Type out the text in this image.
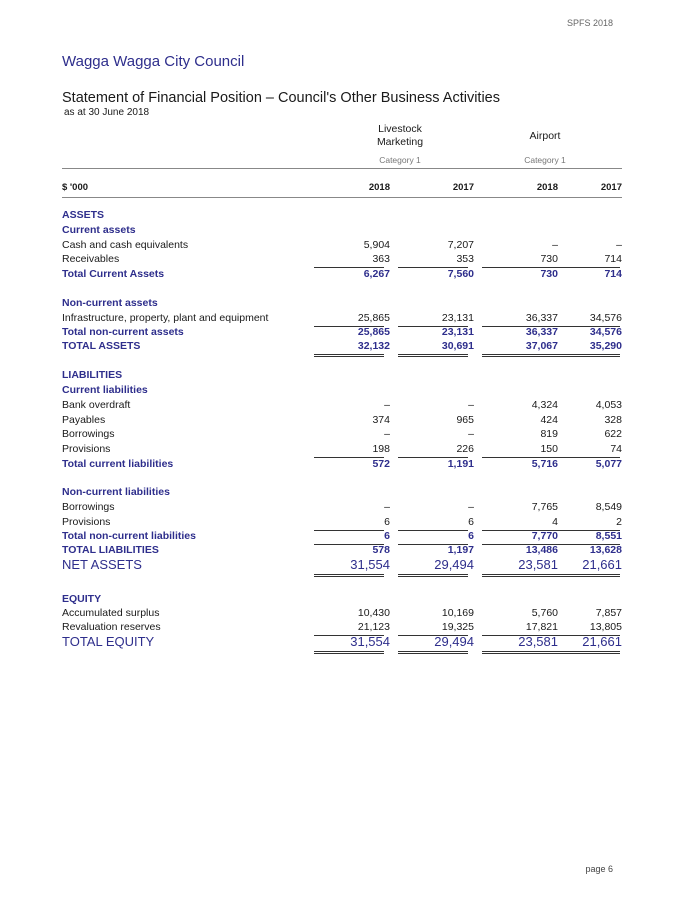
SPFS 2018
Wagga Wagga City Council
Statement of Financial Position – Council's Other Business Activities
as at 30 June 2018
Livestock Marketing	Airport
Category 1	Category 1
$ '000	2018	2017	2018	2017
ASSETS
Current assets
Cash and cash equivalents	5,904	7,207	–	–
Receivables	363	353	730	714
Total Current Assets	6,267	7,560	730	714
Non-current assets
Infrastructure, property, plant and equipment	25,865	23,131	36,337	34,576
Total non-current assets	25,865	23,131	36,337	34,576
TOTAL ASSETS	32,132	30,691	37,067	35,290
LIABILITIES
Current liabilities
Bank overdraft	–	–	4,324	4,053
Payables	374	965	424	328
Borrowings	–	–	819	622
Provisions	198	226	150	74
Total current liabilities	572	1,191	5,716	5,077
Non-current liabilities
Borrowings	–	–	7,765	8,549
Provisions	6	6	4	2
Total non-current liabilities	6	6	7,770	8,551
TOTAL LIABILITIES	578	1,197	13,486	13,628
NET ASSETS	31,554	29,494	23,581	21,661
EQUITY
Accumulated surplus	10,430	10,169	5,760	7,857
Revaluation reserves	21,123	19,325	17,821	13,805
TOTAL EQUITY	31,554	29,494	23,581	21,661
page 6
